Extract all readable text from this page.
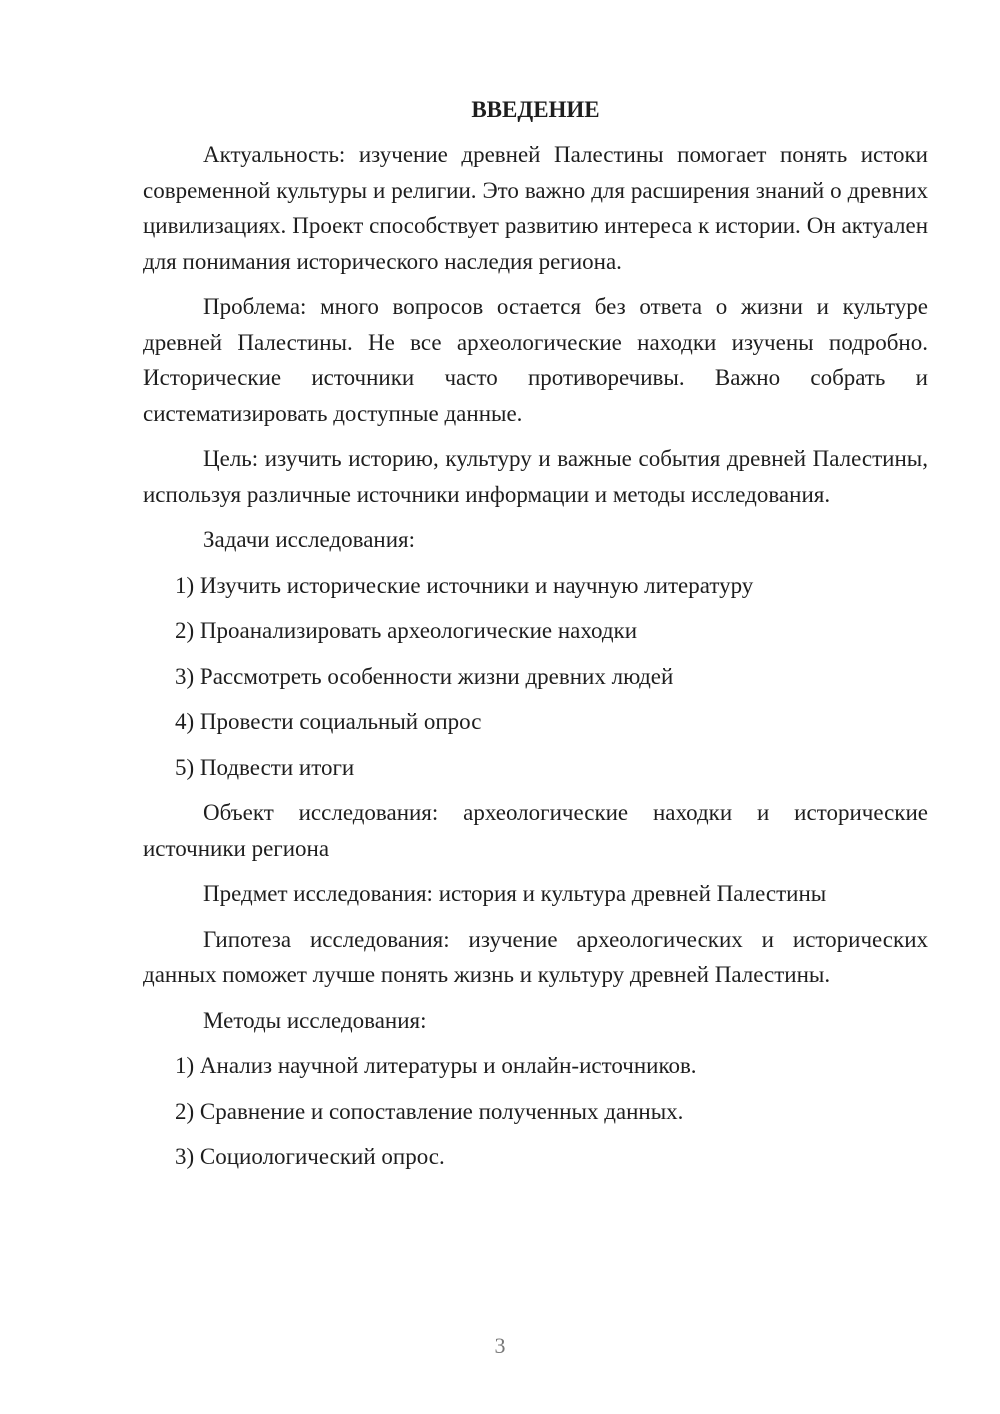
ВВЕДЕНИЕ

Актуальность: изучение древней Палестины помогает понять истоки современной культуры и религии. Это важно для расширения знаний о древних цивилизациях. Проект способствует развитию интереса к истории. Он актуален для понимания исторического наследия региона.

Проблема: много вопросов остается без ответа о жизни и культуре древней Палестины. Не все археологические находки изучены подробно. Исторические источники часто противоречивы. Важно собрать и систематизировать доступные данные.

Цель: изучить историю, культуру и важные события древней Палестины, используя различные источники информации и методы исследования.

Задачи исследования:

1) Изучить исторические источники и научную литературу
2) Проанализировать археологические находки
3) Рассмотреть особенности жизни древних людей
4) Провести социальный опрос
5) Подвести итоги

Объект исследования: археологические находки и исторические источники региона

Предмет исследования: история и культура древней Палестины

Гипотеза исследования: изучение археологических и исторических данных поможет лучше понять жизнь и культуру древней Палестины.

Методы исследования:

1) Анализ научной литературы и онлайн-источников.
2) Сравнение и сопоставление полученных данных.
3) Социологический опрос.
3
